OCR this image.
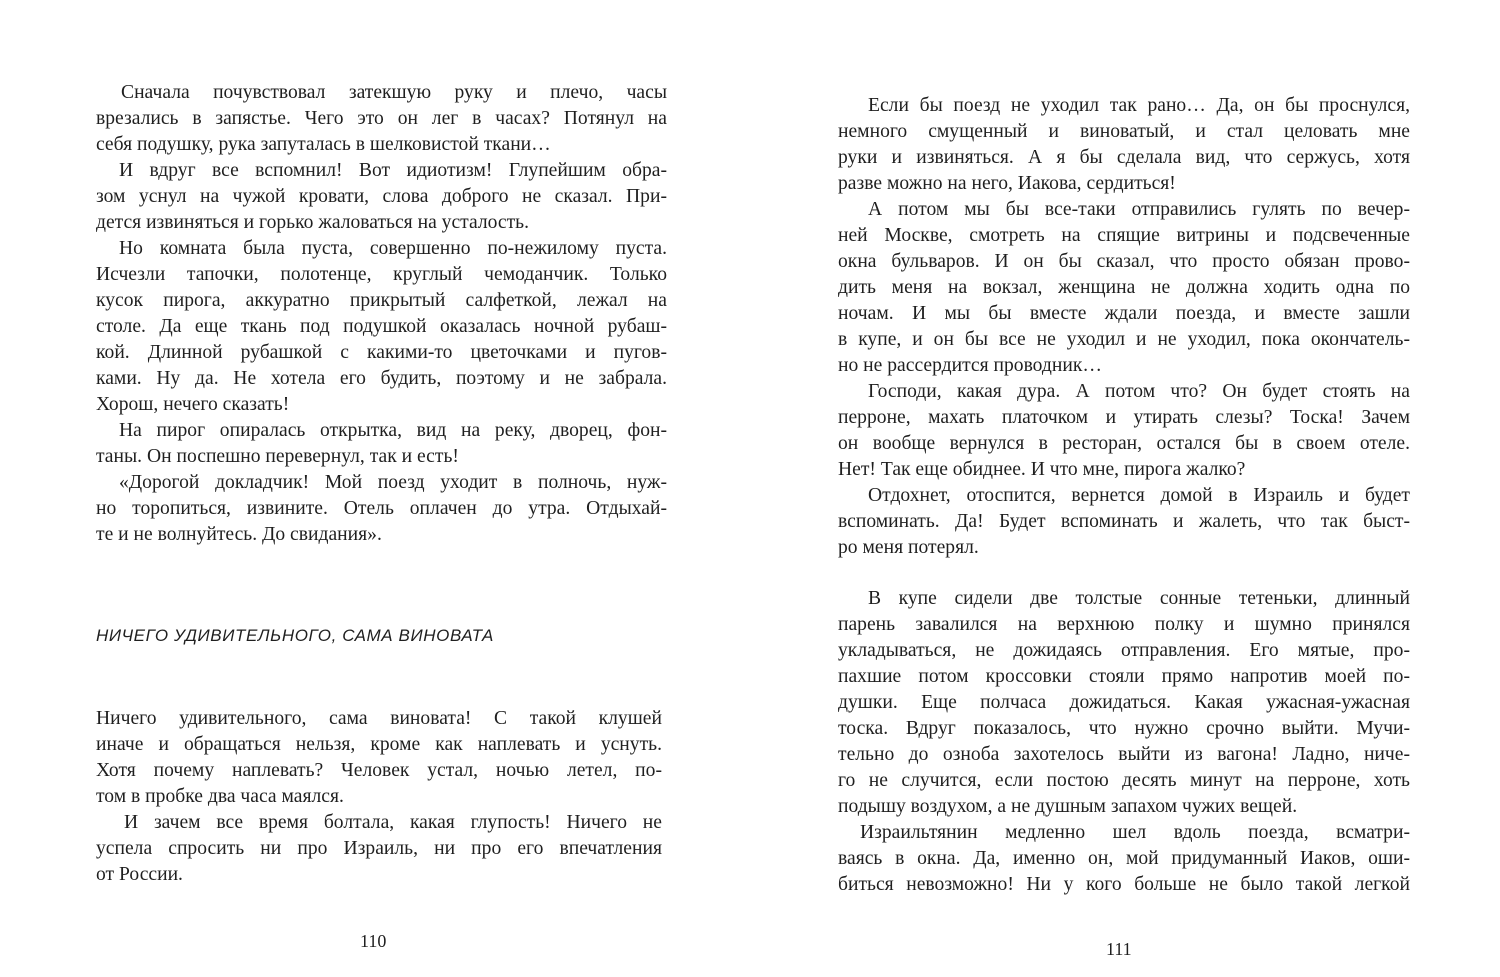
Сначала почувствовал затекшую руку и плечо, часы
врезались в запястье. Чего это он лег в часах? Потянул на
себя подушку, рука запуталась в шелковистой ткани…
И вдруг все вспомнил! Вот идиотизм! Глупейшим обра-
зом уснул на чужой кровати, слова доброго не сказал. При-
дется извиняться и горько жаловаться на усталость.
Но комната была пуста, совершенно по-нежилому пуста.
Исчезли тапочки, полотенце, круглый чемоданчик. Только
кусок пирога, аккуратно прикрытый салфеткой, лежал на
столе. Да еще ткань под подушкой оказалась ночной рубаш-
кой. Длинной рубашкой с какими-то цветочками и пугов-
ками. Ну да. Не хотела его будить, поэтому и не забрала.
Хорош, нечего сказать!
На пирог опиралась открытка, вид на реку, дворец, фон-
таны. Он поспешно перевернул, так и есть!
«Дорогой докладчик! Мой поезд уходит в полночь, нуж-
но торопиться, извините. Отель оплачен до утра. Отдыхай-
те и не волнуйтесь. До свидания».
НИЧЕГО УДИВИТЕЛЬНОГО, САМА ВИНОВАТА
Ничего удивительного, сама виновата! С такой клушей
иначе и обращаться нельзя, кроме как наплевать и уснуть.
Хотя почему наплевать? Человек устал, ночью летел, по-
том в пробке два часа маялся.
И зачем все время болтала, какая глупость! Ничего не
успела спросить ни про Израиль, ни про его впечатления
от России.
110
Если бы поезд не уходил так рано… Да, он бы проснулся,
немного смущенный и виноватый, и стал целовать мне
руки и извиняться. А я бы сделала вид, что сержусь, хотя
разве можно на него, Иакова, сердиться!
А потом мы бы все-таки отправились гулять по вечер-
ней Москве, смотреть на спящие витрины и подсвеченные
окна бульваров. И он бы сказал, что просто обязан прово-
дить меня на вокзал, женщина не должна ходить одна по
ночам. И мы бы вместе ждали поезда, и вместе зашли
в купе, и он бы все не уходил и не уходил, пока окончатель-
но не рассердится проводник…
Господи, какая дура. А потом что? Он будет стоять на
перроне, махать платочком и утирать слезы? Тоска! Зачем
он вообще вернулся в ресторан, остался бы в своем отеле.
Нет! Так еще обиднее. И что мне, пирога жалко?
Отдохнет, отоспится, вернется домой в Израиль и будет
вспоминать. Да! Будет вспоминать и жалеть, что так быст-
ро меня потерял.
В купе сидели две толстые сонные тетеньки, длинный
парень завалился на верхнюю полку и шумно принялся
укладываться, не дожидаясь отправления. Его мятые, про-
пахшие потом кроссовки стояли прямо напротив моей по-
душки. Еще полчаса дожидаться. Какая ужасная-ужасная
тоска. Вдруг показалось, что нужно срочно выйти. Мучи-
тельно до озноба захотелось выйти из вагона! Ладно, ниче-
го не случится, если постою десять минут на перроне, хоть
подышу воздухом, а не душным запахом чужих вещей.
Израильтянин медленно шел вдоль поезда, всматри-
ваясь в окна. Да, именно он, мой придуманный Иаков, оши-
биться невозможно! Ни у кого больше не было такой легкой
111
